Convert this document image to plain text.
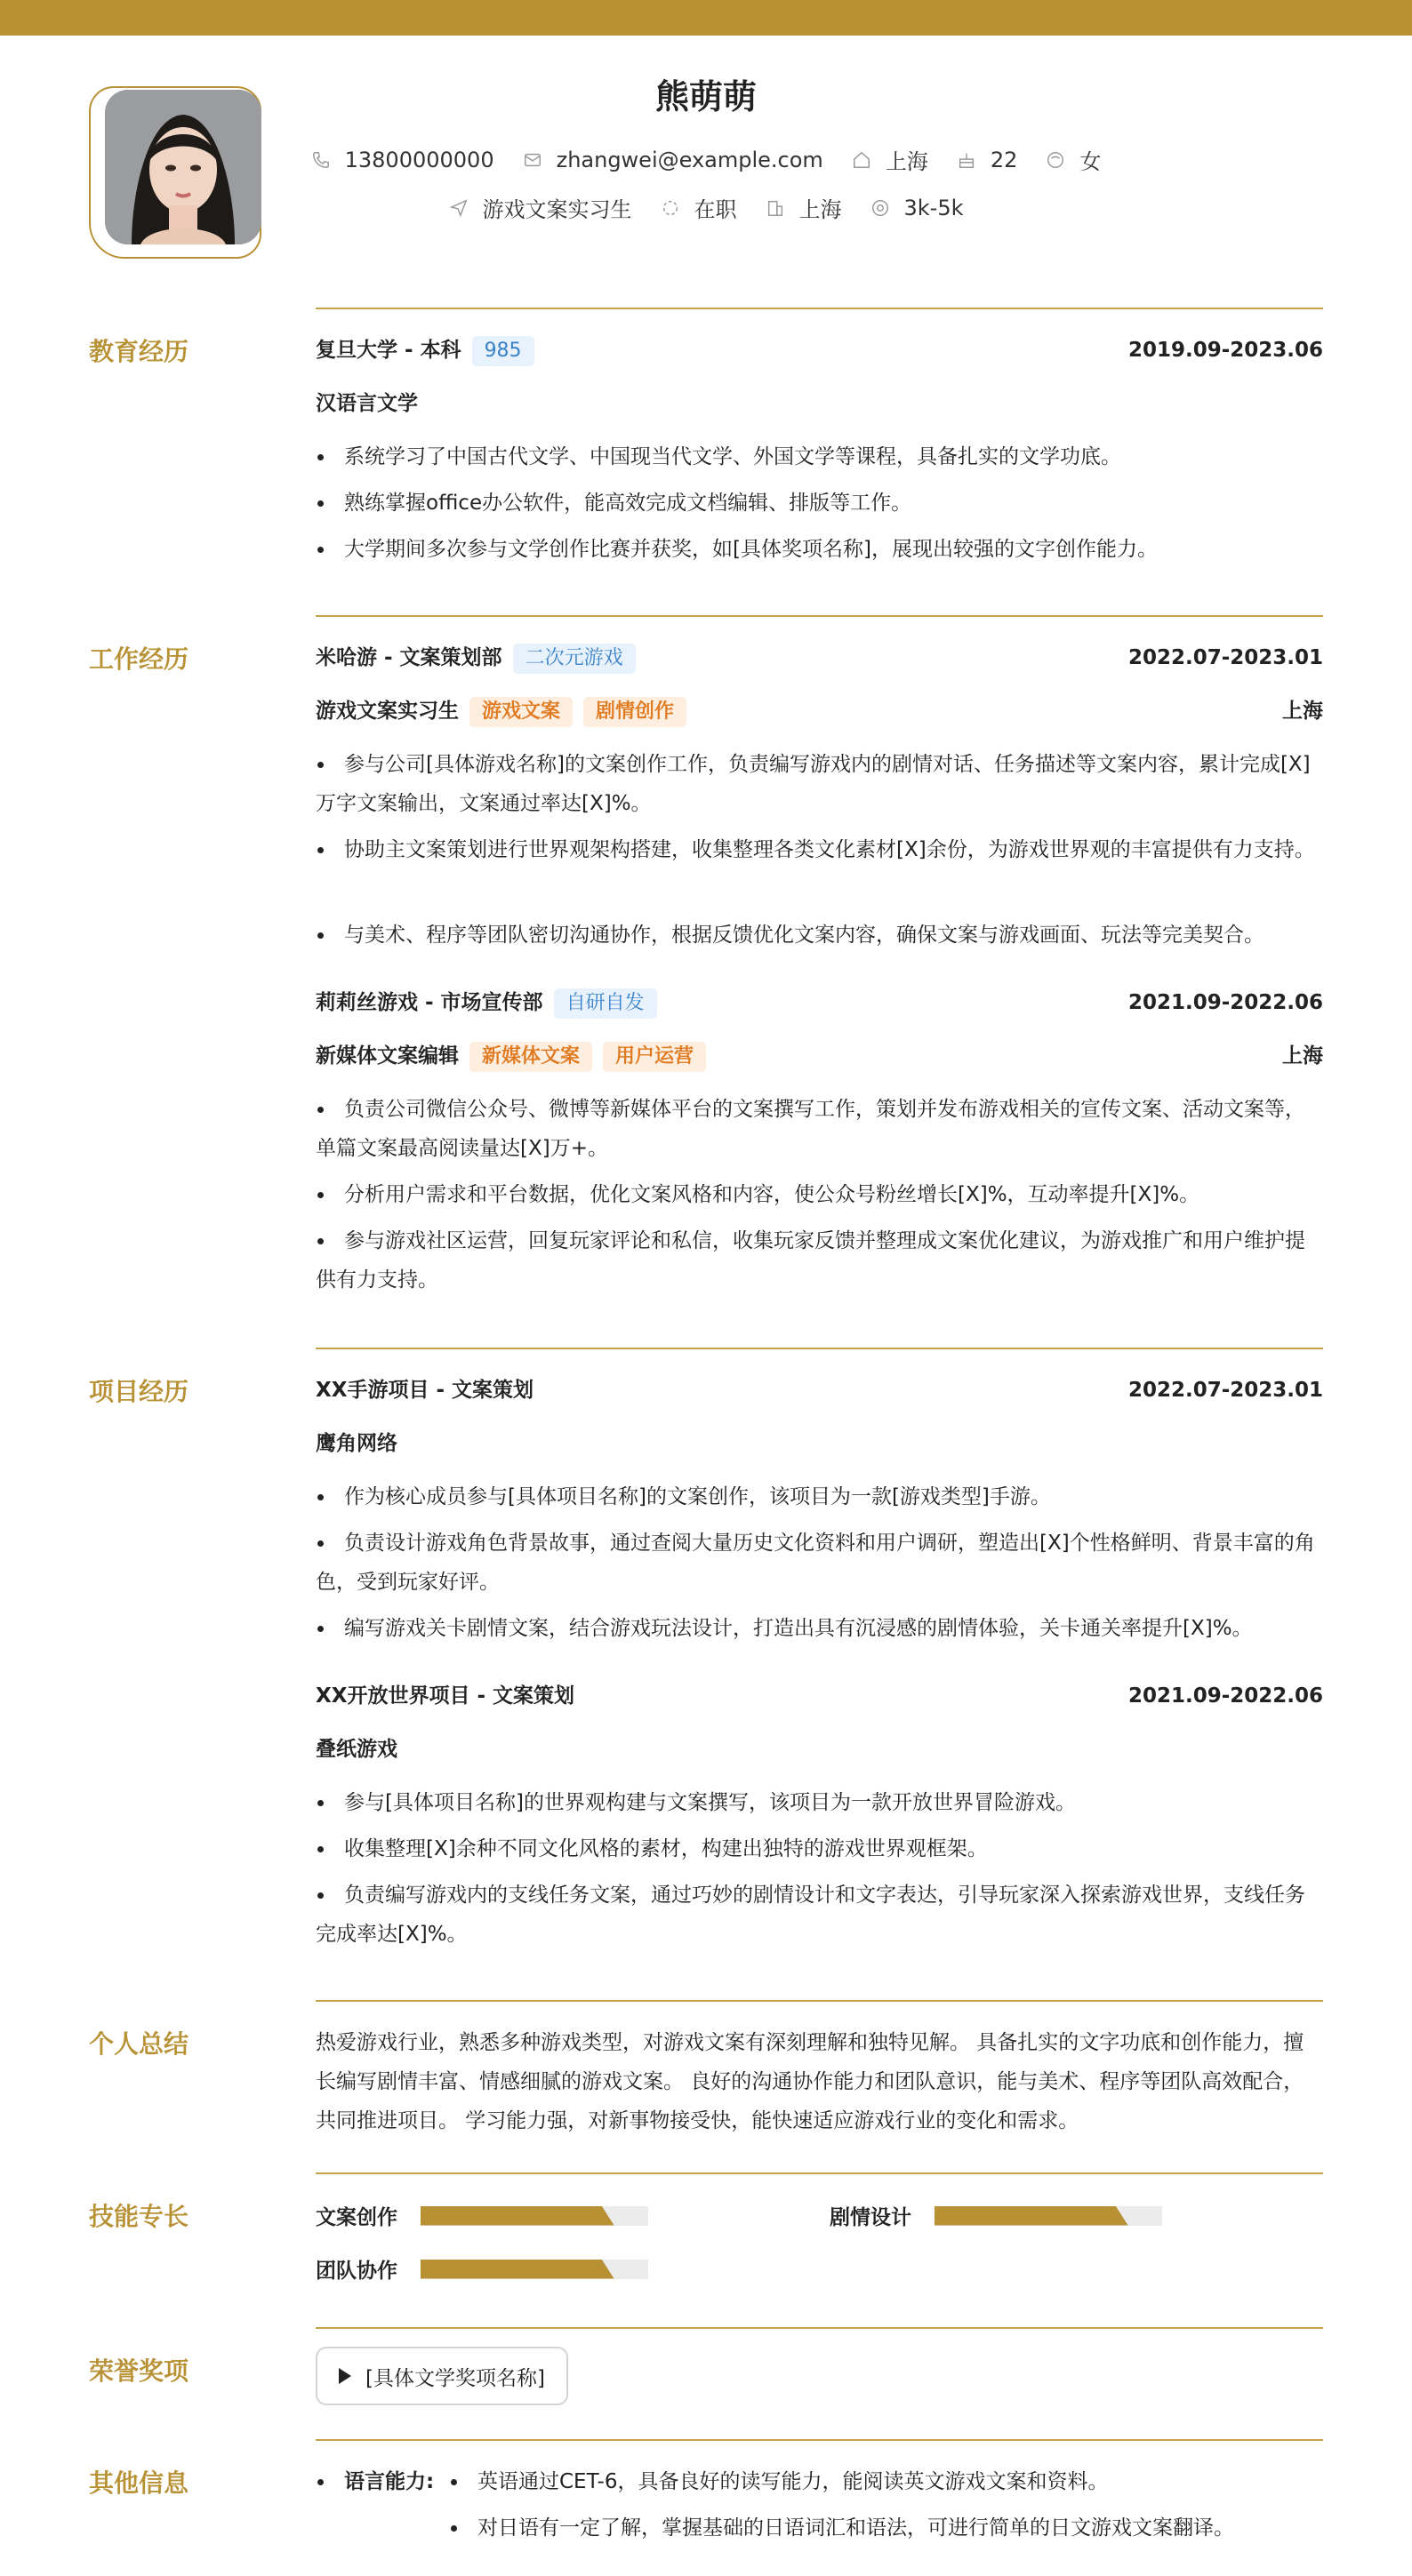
熊萌萌
13800000000	zhangwei@example.com	上海	22	女
游戏文案实习生	在职	上海	3k-5k
教育经历	复旦大学 - 本科 985	2019.09-2023.06
汉语言文学
系统学习了中国古代文学、中国现当代文学、外国文学等课程，具备扎实的文学功底。
熟练掌握office办公软件，能高效完成文档编辑、排版等工作。
大学期间多次参与文学创作比赛并获奖，如[具体奖项名称]，展现出较强的文字创作能力。
工作经历	米哈游 - 文案策划部 二次元游戏	2022.07-2023.01
游戏文案实习生 游戏文案 剧情创作	上海
参与公司[具体游戏名称]的文案创作工作，负责编写游戏内的剧情对话、任务描述等文案内容，累计完成[X]万字文案输出，文案通过率达[X]%。
协助主文案策划进行世界观架构搭建，收集整理各类文化素材[X]余份，为游戏世界观的丰富提供有力支持。
与美术、程序等团队密切沟通协作，根据反馈优化文案内容，确保文案与游戏画面、玩法等完美契合。
莉莉丝游戏 - 市场宣传部 自研自发	2021.09-2022.06
新媒体文案编辑 新媒体文案 用户运营	上海
负责公司微信公众号、微博等新媒体平台的文案撰写工作，策划并发布游戏相关的宣传文案、活动文案等，单篇文案最高阅读量达[X]万+。
分析用户需求和平台数据，优化文案风格和内容，使公众号粉丝增长[X]%，互动率提升[X]%。
参与游戏社区运营，回复玩家评论和私信，收集玩家反馈并整理成文案优化建议，为游戏推广和用户维护提供有力支持。
项目经历	XX手游项目 - 文案策划	2022.07-2023.01
鹰角网络
作为核心成员参与[具体项目名称]的文案创作，该项目为一款[游戏类型]手游。
负责设计游戏角色背景故事，通过查阅大量历史文化资料和用户调研，塑造出[X]个性格鲜明、背景丰富的角色，受到玩家好评。
编写游戏关卡剧情文案，结合游戏玩法设计，打造出具有沉浸感的剧情体验，关卡通关率提升[X]%。
XX开放世界项目 - 文案策划	2021.09-2022.06
叠纸游戏
参与[具体项目名称]的世界观构建与文案撰写，该项目为一款开放世界冒险游戏。
收集整理[X]余种不同文化风格的素材，构建出独特的游戏世界观框架。
负责编写游戏内的支线任务文案，通过巧妙的剧情设计和文字表达，引导玩家深入探索游戏世界，支线任务完成率达[X]%。
个人总结	热爱游戏行业，熟悉多种游戏类型，对游戏文案有深刻理解和独特见解。 具备扎实的文字功底和创作能力，擅长编写剧情丰富、情感细腻的游戏文案。 良好的沟通协作能力和团队意识，能与美术、程序等团队高效配合，共同推进项目。 学习能力强，对新事物接受快，能快速适应游戏行业的变化和需求。
技能专长	文案创作	剧情设计
团队协作
荣誉奖项	[具体文学奖项名称]
其他信息	语言能力:	英语通过CET-6，具备良好的读写能力，能阅读英文游戏文案和资料。
对日语有一定了解，掌握基础的日语词汇和语法，可进行简单的日文游戏文案翻译。
